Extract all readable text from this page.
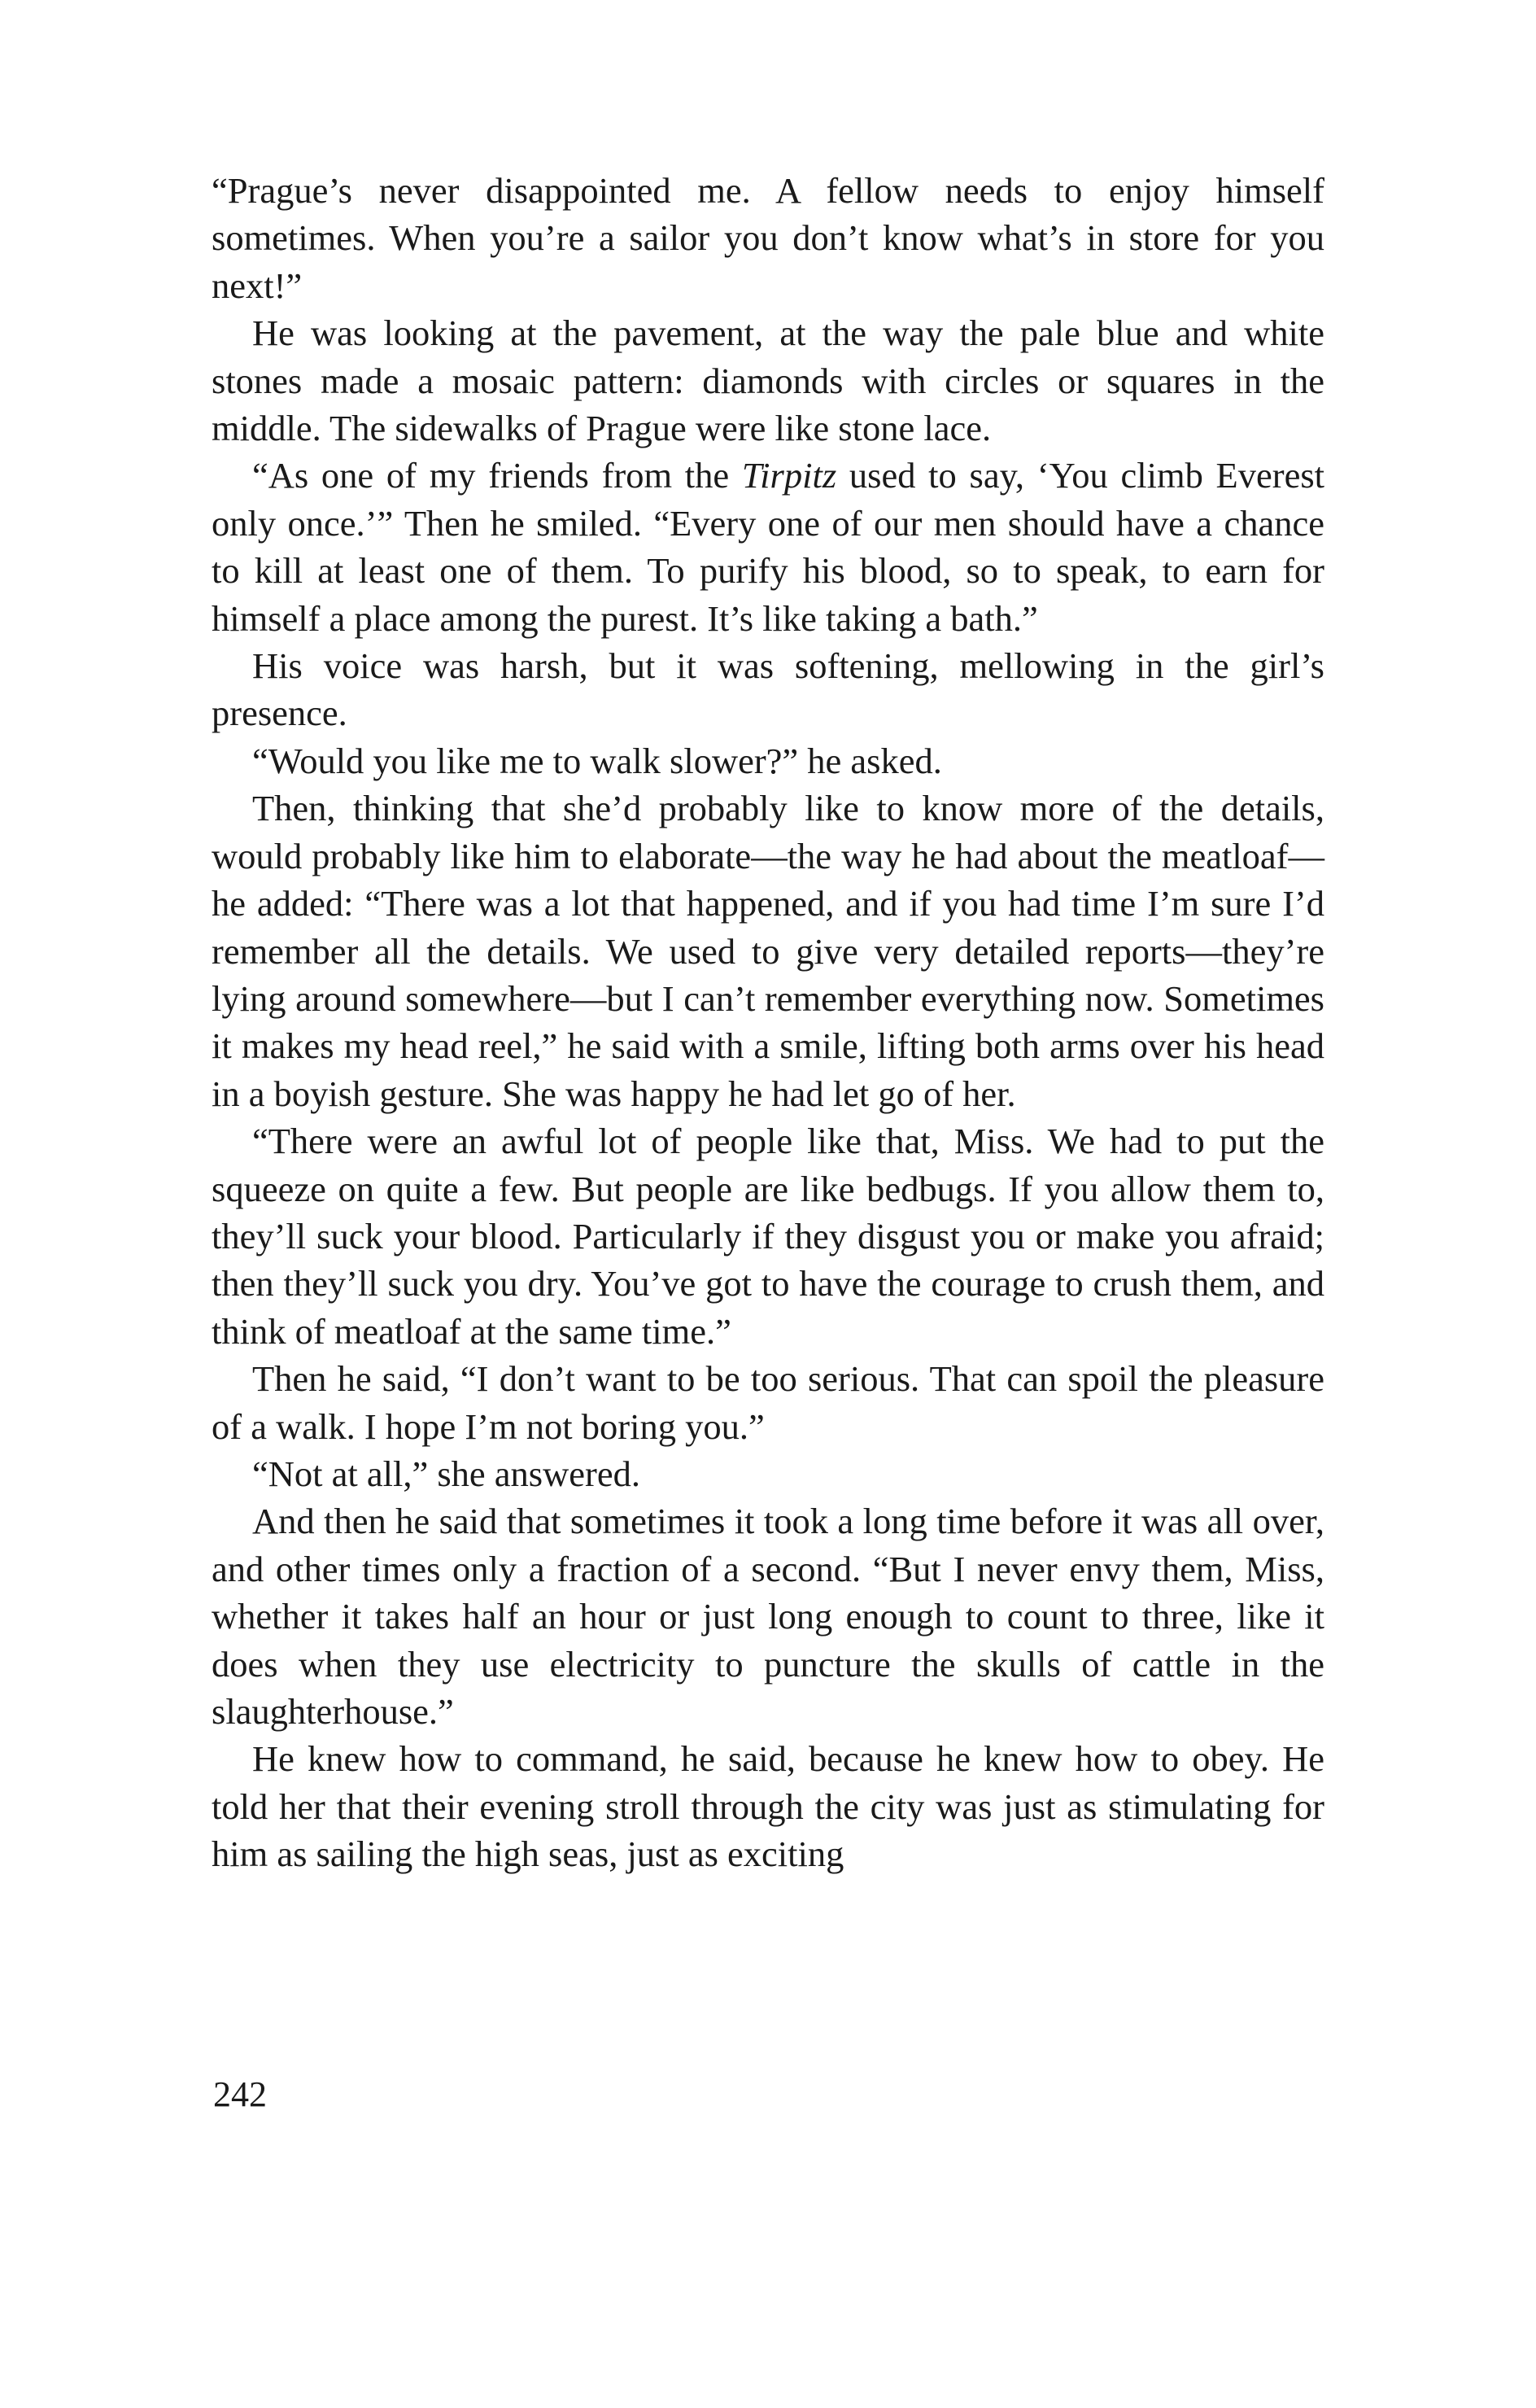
“Prague’s never disappointed me. A fellow needs to enjoy himself sometimes. When you’re a sailor you don’t know what’s in store for you next!”

He was looking at the pavement, at the way the pale blue and white stones made a mosaic pattern: diamonds with circles or squares in the middle. The sidewalks of Prague were like stone lace.

“As one of my friends from the Tirpitz used to say, ‘You climb Everest only once.’” Then he smiled. “Every one of our men should have a chance to kill at least one of them. To purify his blood, so to speak, to earn for himself a place among the purest. It’s like taking a bath.”

His voice was harsh, but it was softening, mellowing in the girl’s presence.

“Would you like me to walk slower?” he asked.

Then, thinking that she’d probably like to know more of the details, would probably like him to elaborate—the way he had about the meatloaf—he added: “There was a lot that happened, and if you had time I’m sure I’d remember all the details. We used to give very detailed reports—they’re lying around somewhere—but I can’t remember everything now. Sometimes it makes my head reel,” he said with a smile, lifting both arms over his head in a boyish gesture. She was happy he had let go of her.

“There were an awful lot of people like that, Miss. We had to put the squeeze on quite a few. But people are like bedbugs. If you allow them to, they’ll suck your blood. Particularly if they disgust you or make you afraid; then they’ll suck you dry. You’ve got to have the courage to crush them, and think of meatloaf at the same time.”

Then he said, “I don’t want to be too serious. That can spoil the pleasure of a walk. I hope I’m not boring you.”

“Not at all,” she answered.

And then he said that sometimes it took a long time before it was all over, and other times only a fraction of a second. “But I never envy them, Miss, whether it takes half an hour or just long enough to count to three, like it does when they use electricity to puncture the skulls of cattle in the slaughterhouse.”

He knew how to command, he said, because he knew how to obey. He told her that their evening stroll through the city was just as stimulating for him as sailing the high seas, just as exciting

242
